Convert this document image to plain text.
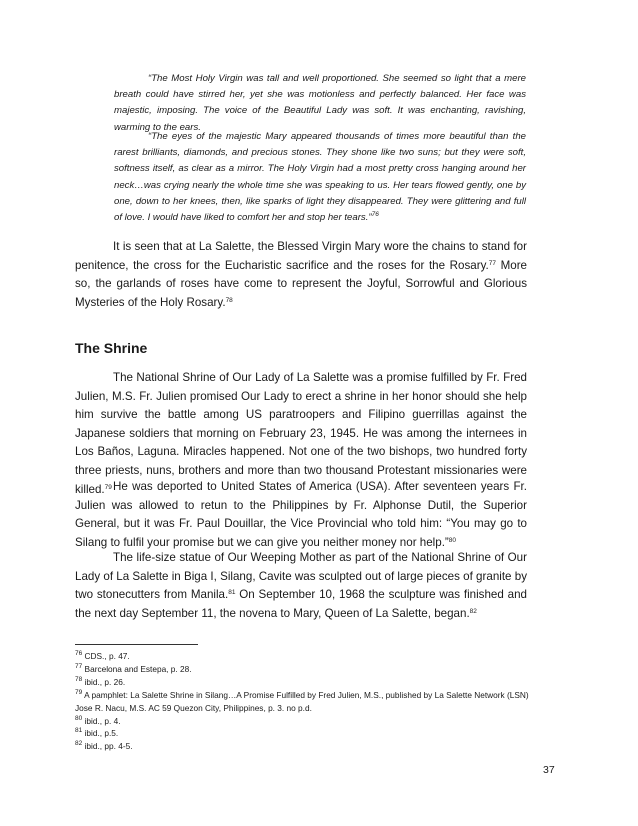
“The Most Holy Virgin was tall and well proportioned. She seemed so light that a mere breath could have stirred her, yet she was motionless and perfectly balanced. Her face was majestic, imposing. The voice of the Beautiful Lady was soft. It was enchanting, ravishing, warming to the ears.

“The eyes of the majestic Mary appeared thousands of times more beautiful than the rarest brilliants, diamonds, and precious stones. They shone like two suns; but they were soft, softness itself, as clear as a mirror. The Holy Virgin had a most pretty cross hanging around her neck…was crying nearly the whole time she was speaking to us. Her tears flowed gently, one by one, down to her knees, then, like sparks of light they disappeared. They were glittering and full of love. I would have liked to comfort her and stop her tears.”$^{76}$

It is seen that at La Salette, the Blessed Virgin Mary wore the chains to stand for penitence, the cross for the Eucharistic sacrifice and the roses for the Rosary.$^{77}$ More so, the garlands of roses have come to represent the Joyful, Sorrowful and Glorious Mysteries of the Holy Rosary.$^{78}$

The Shrine

The National Shrine of Our Lady of La Salette was a promise fulfilled by Fr. Fred Julien, M.S. Fr. Julien promised Our Lady to erect a shrine in her honor should she help him survive the battle among US paratroopers and Filipino guerrillas against the Japanese soldiers that morning on February 23, 1945. He was among the internees in Los Baños, Laguna. Miracles happened. Not one of the two bishops, two hundred forty three priests, nuns, brothers and more than two thousand Protestant missionaries were killed.$^{79}$ He was deported to United States of America (USA). After seventeen years Fr. Julien was allowed to retun to the Philippines by Fr. Alphonse Dutil, the Superior General, but it was Fr. Paul Douillar, the Vice Provincial who told him: “You may go to Silang to fulfil your promise but we can give you neither money nor help.”$^{80}$

The life-size statue of Our Weeping Mother as part of the National Shrine of Our Lady of La Salette in Biga I, Silang, Cavite was sculpted out of large pieces of granite by two stonecutters from Manila.$^{81}$ On September 10, 1968 the sculpture was finished and the next day September 11, the novena to Mary, Queen of La Salette, began.$^{82}$

$^{76}$ CDS., p. 47.
$^{77}$ Barcelona and Estepa, p. 28.
$^{78}$ ibid., p. 26.
$^{79}$ A pamphlet: La Salette Shrine in Silang…A Promise Fulfilled by Fred Julien, M.S., published by La Salette Network (LSN) Jose R. Nacu, M.S. AC 59 Quezon City, Philippines, p. 3. no p.d.
$^{80}$ ibid., p. 4.
$^{81}$ ibid., p.5.
$^{82}$ ibid., pp. 4-5.
37
